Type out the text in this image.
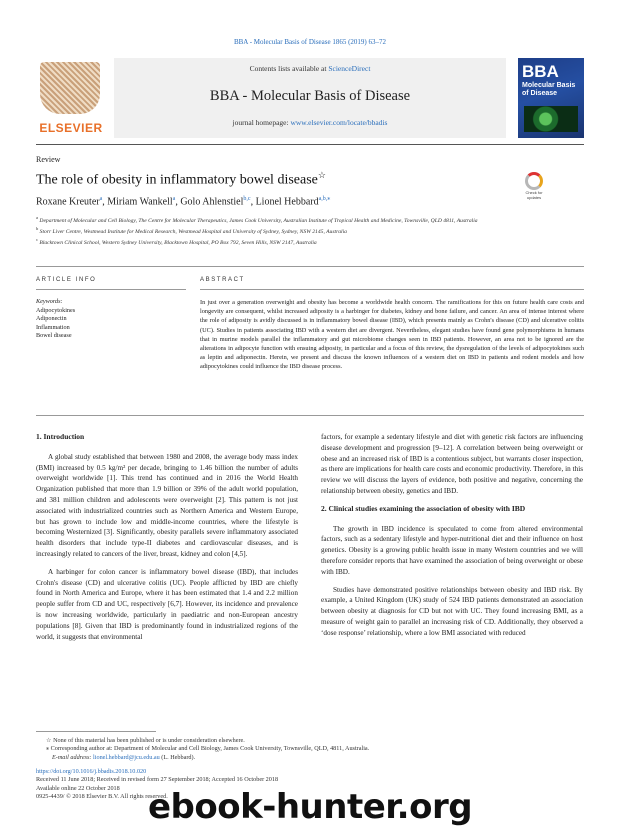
BBA - Molecular Basis of Disease 1865 (2019) 63–72
ELSEVIER
Contents lists available at ScienceDirect
BBA - Molecular Basis of Disease
journal homepage: www.elsevier.com/locate/bbadis
BBA
Molecular Basis of Disease
Review
The role of obesity in inflammatory bowel disease☆
Check for updates
Roxane Kreuter$^a$, Miriam Wankell$^a$, Golo Ahlenstiel$^{b,c}$, Lionel Hebbard$^{a,b,⁎}$
$^a$ Department of Molecular and Cell Biology, The Centre for Molecular Therapeutics, James Cook University, Australian Institute of Tropical Health and Medicine, Townsville, QLD 4811, Australia
$^b$ Storr Liver Centre, Westmead Institute for Medical Research, Westmead Hospital and University of Sydney, Sydney, NSW 2145, Australia
$^c$ Blacktown Clinical School, Western Sydney University, Blacktown Hospital, PO Box 792, Seven Hills, NSW 2147, Australia
ARTICLE INFO	ABSTRACT
Keywords:
Adipocytokines
Adiponectin
Inflammation
Bowel disease
In just over a generation overweight and obesity has become a worldwide health concern. The ramifications for this on future health care costs and longevity are consequent, whilst increased adiposity is a harbinger for diabetes, kidney and bone failure, and cancer. An area of intense interest where the role of adiposity is avidly discussed is in inflammatory bowel disease (IBD), which presents mainly as Crohn's disease (CD) and ulcerative colitis (UC). Studies in patients associating IBD with a western diet are divergent. Nevertheless, elegant studies have found gene polymorphisms in humans that in murine models parallel the inflammatory and gut microbiome changes seen in IBD patients. However, an area not to be ignored are the alterations in adipocyte function with ensuing adiposity, in particular and a focus of this review, the dysregulation of the levels of adipocytokines such as leptin and adiponectin. Herein, we present and discuss the known influences of a western diet on IBD in patients and rodent models and how adipocytokines could influence the IBD disease process.
1. Introduction

A global study established that between 1980 and 2008, the average body mass index (BMI) increased by 0.5 kg/m² per decade, bringing to 1.46 billion the number of adults overweight worldwide [1]. This trend has continued and in 2016 the World Health Organization published that more than 1.9 billion or 39% of the adult world population, and 381 million children and adolescents were overweight [2]. This pattern is not just associated with industrialized countries such as Northern America and Western Europe, but has grown to include low and middle-income countries, where the lifestyle is becoming Westernized [3]. Significantly, obesity parallels severe inflammatory associated health disorders that include type-II diabetes and cardiovascular diseases, and is increasingly related to cancers of the liver, breast, kidney and colon [4,5].

A harbinger for colon cancer is inflammatory bowel disease (IBD), that includes Crohn's disease (CD) and ulcerative colitis (UC). People afflicted by IBD are chiefly found in North America and Europe, where it has been estimated that 1.4 and 2.2 million people suffer from CD and UC, respectively [6,7]. However, its incidence and prevalence is now increasing worldwide, particularly in paediatric and non-European ancestry populations [8]. Given that IBD is predominantly found in industrialized regions of the world, it suggests that environmental

factors, for example a sedentary lifestyle and diet with genetic risk factors are influencing disease development and progression [9–12]. A correlation between being overweight or obese and an increased risk of IBD is a contentious subject, but warrants closer inspection, as there are implications for health care costs and economic productivity. Therefore, in this review we will discuss the layers of evidence, both positive and negative, concerning the relationship between obesity, genetics and IBD.

2. Clinical studies examining the association of obesity with IBD

The growth in IBD incidence is speculated to come from altered environmental factors, such as a sedentary lifestyle and hyper-nutritional diet and their influence on host genetics. Obesity is a growing public health issue in many Western countries and we will therefore consider reports that have examined the association of being overweight or obese with IBD.

Studies have demonstrated positive relationships between obesity and IBD risk. By example, a United Kingdom (UK) study of 524 IBD patients demonstrated an association between obesity at diagnosis for CD but not with UC. They found increasing BMI, as a measure of weight gain to parallel an increasing risk of CD. Additionally, they observed a ‘dose response’ relationship, where a low BMI associated with reduced

☆ None of this material has been published or is under consideration elsewhere.
⁎ Corresponding author at: Department of Molecular and Cell Biology, James Cook University, Townsville, QLD, 4811, Australia.
E-mail address: lionel.hebbard@jcu.edu.au (L. Hebbard).
https://doi.org/10.1016/j.bbadis.2018.10.020
Received 11 June 2018; Received in revised form 27 September 2018; Accepted 16 October 2018
Available online 22 October 2018
0925-4439/ © 2018 Elsevier B.V. All rights reserved.
ebook-hunter.org
